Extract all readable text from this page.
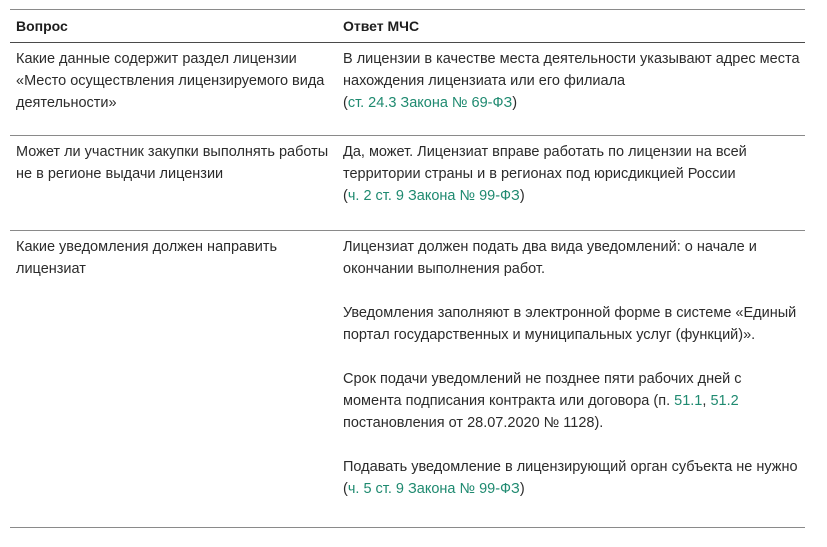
Вопрос	Ответ МЧС
Какие данные содержит раздел лицензии «Место осуществления лицензируемого вида деятельности»
В лицензии в качестве места деятельности указывают адрес места нахождения лицензиата или его филиала
(ст. 24.3 Закона № 69-ФЗ)
Может ли участник закупки выполнять работы не в регионе выдачи лицензии
Да, может. Лицензиат вправе работать по лицензии на всей территории страны и в регионах под юрисдикцией России
(ч. 2 ст. 9 Закона № 99-ФЗ)
Какие уведомления должен направить лицензиат

Лицензиат должен подать два вида уведомлений: о начале и окончании выполнения работ.

Уведомления заполняют в электронной форме в системе «Единый портал государственных и муниципальных услуг (функций)».

Срок подачи уведомлений не позднее пяти рабочих дней с момента подписания контракта или договора (п. 51.1, 51.2
постановления от 28.07.2020 № 1128).

Подавать уведомление в лицензирующий орган субъекта не нужно (ч. 5 ст. 9 Закона № 99-ФЗ)
